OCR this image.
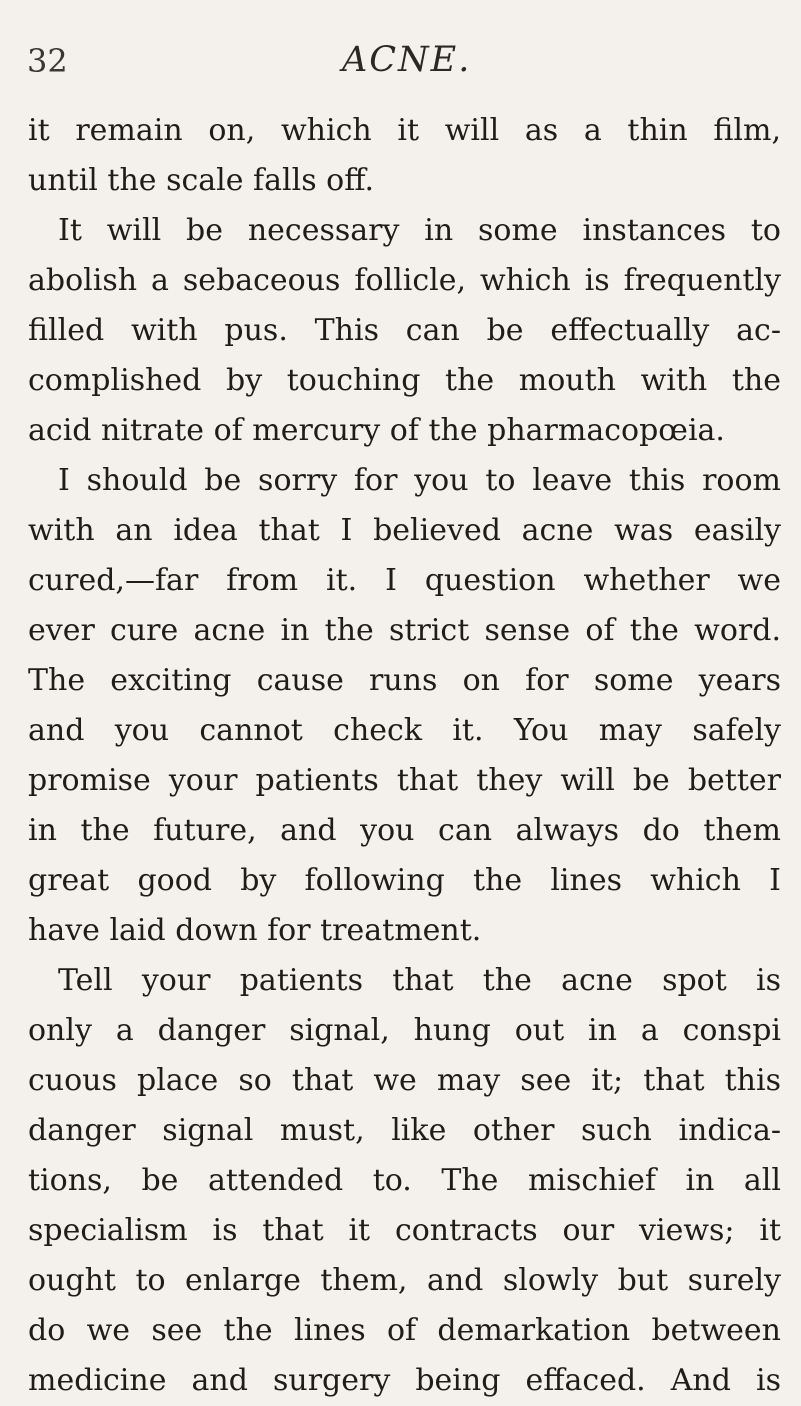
32	ACNE.
it remain on, which it will as a thin film,
until the scale falls off.
It will be necessary in some instances to
abolish a sebaceous follicle, which is frequently
filled with pus. This can be effectually ac-
complished by touching the mouth with the
acid nitrate of mercury of the pharmacopœia.
I should be sorry for you to leave this room
with an idea that I believed acne was easily
cured,—far from it. I question whether we
ever cure acne in the strict sense of the word.
The exciting cause runs on for some years
and you cannot check it. You may safely
promise your patients that they will be better
in the future, and you can always do them
great good by following the lines which I
have laid down for treatment.
Tell your patients that the acne spot is
only a danger signal, hung out in a conspi
cuous place so that we may see it; that this
danger signal must, like other such indica-
tions, be attended to. The mischief in all
specialism is that it contracts our views; it
ought to enlarge them, and slowly but surely
do we see the lines of demarkation between
medicine and surgery being effaced. And is
